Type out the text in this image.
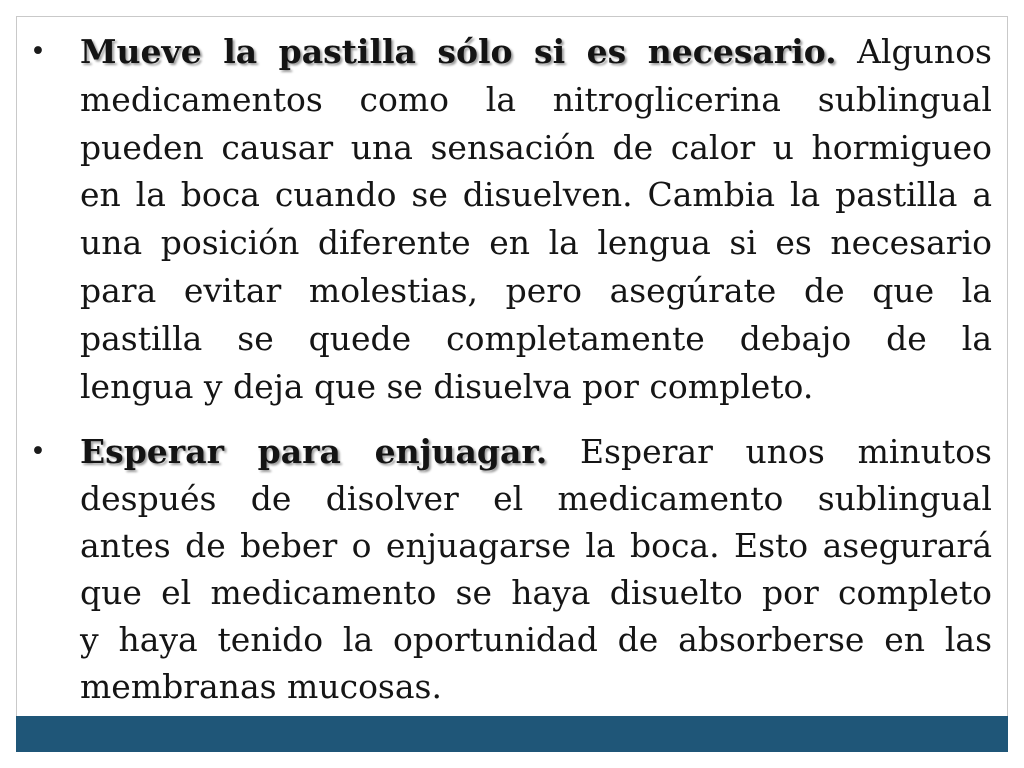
• Mueve la pastilla sólo si es necesario. Algunos
medicamentos como la nitroglicerina sublingual
pueden causar una sensación de calor u hormigueo
en la boca cuando se disuelven. Cambia la pastilla a
una posición diferente en la lengua si es necesario
para evitar molestias, pero asegúrate de que la
pastilla se quede completamente debajo de la
lengua y deja que se disuelva por completo.
• Esperar para enjuagar. Esperar unos minutos
después de disolver el medicamento sublingual
antes de beber o enjuagarse la boca. Esto asegurará
que el medicamento se haya disuelto por completo
y haya tenido la oportunidad de absorberse en las
membranas mucosas.
